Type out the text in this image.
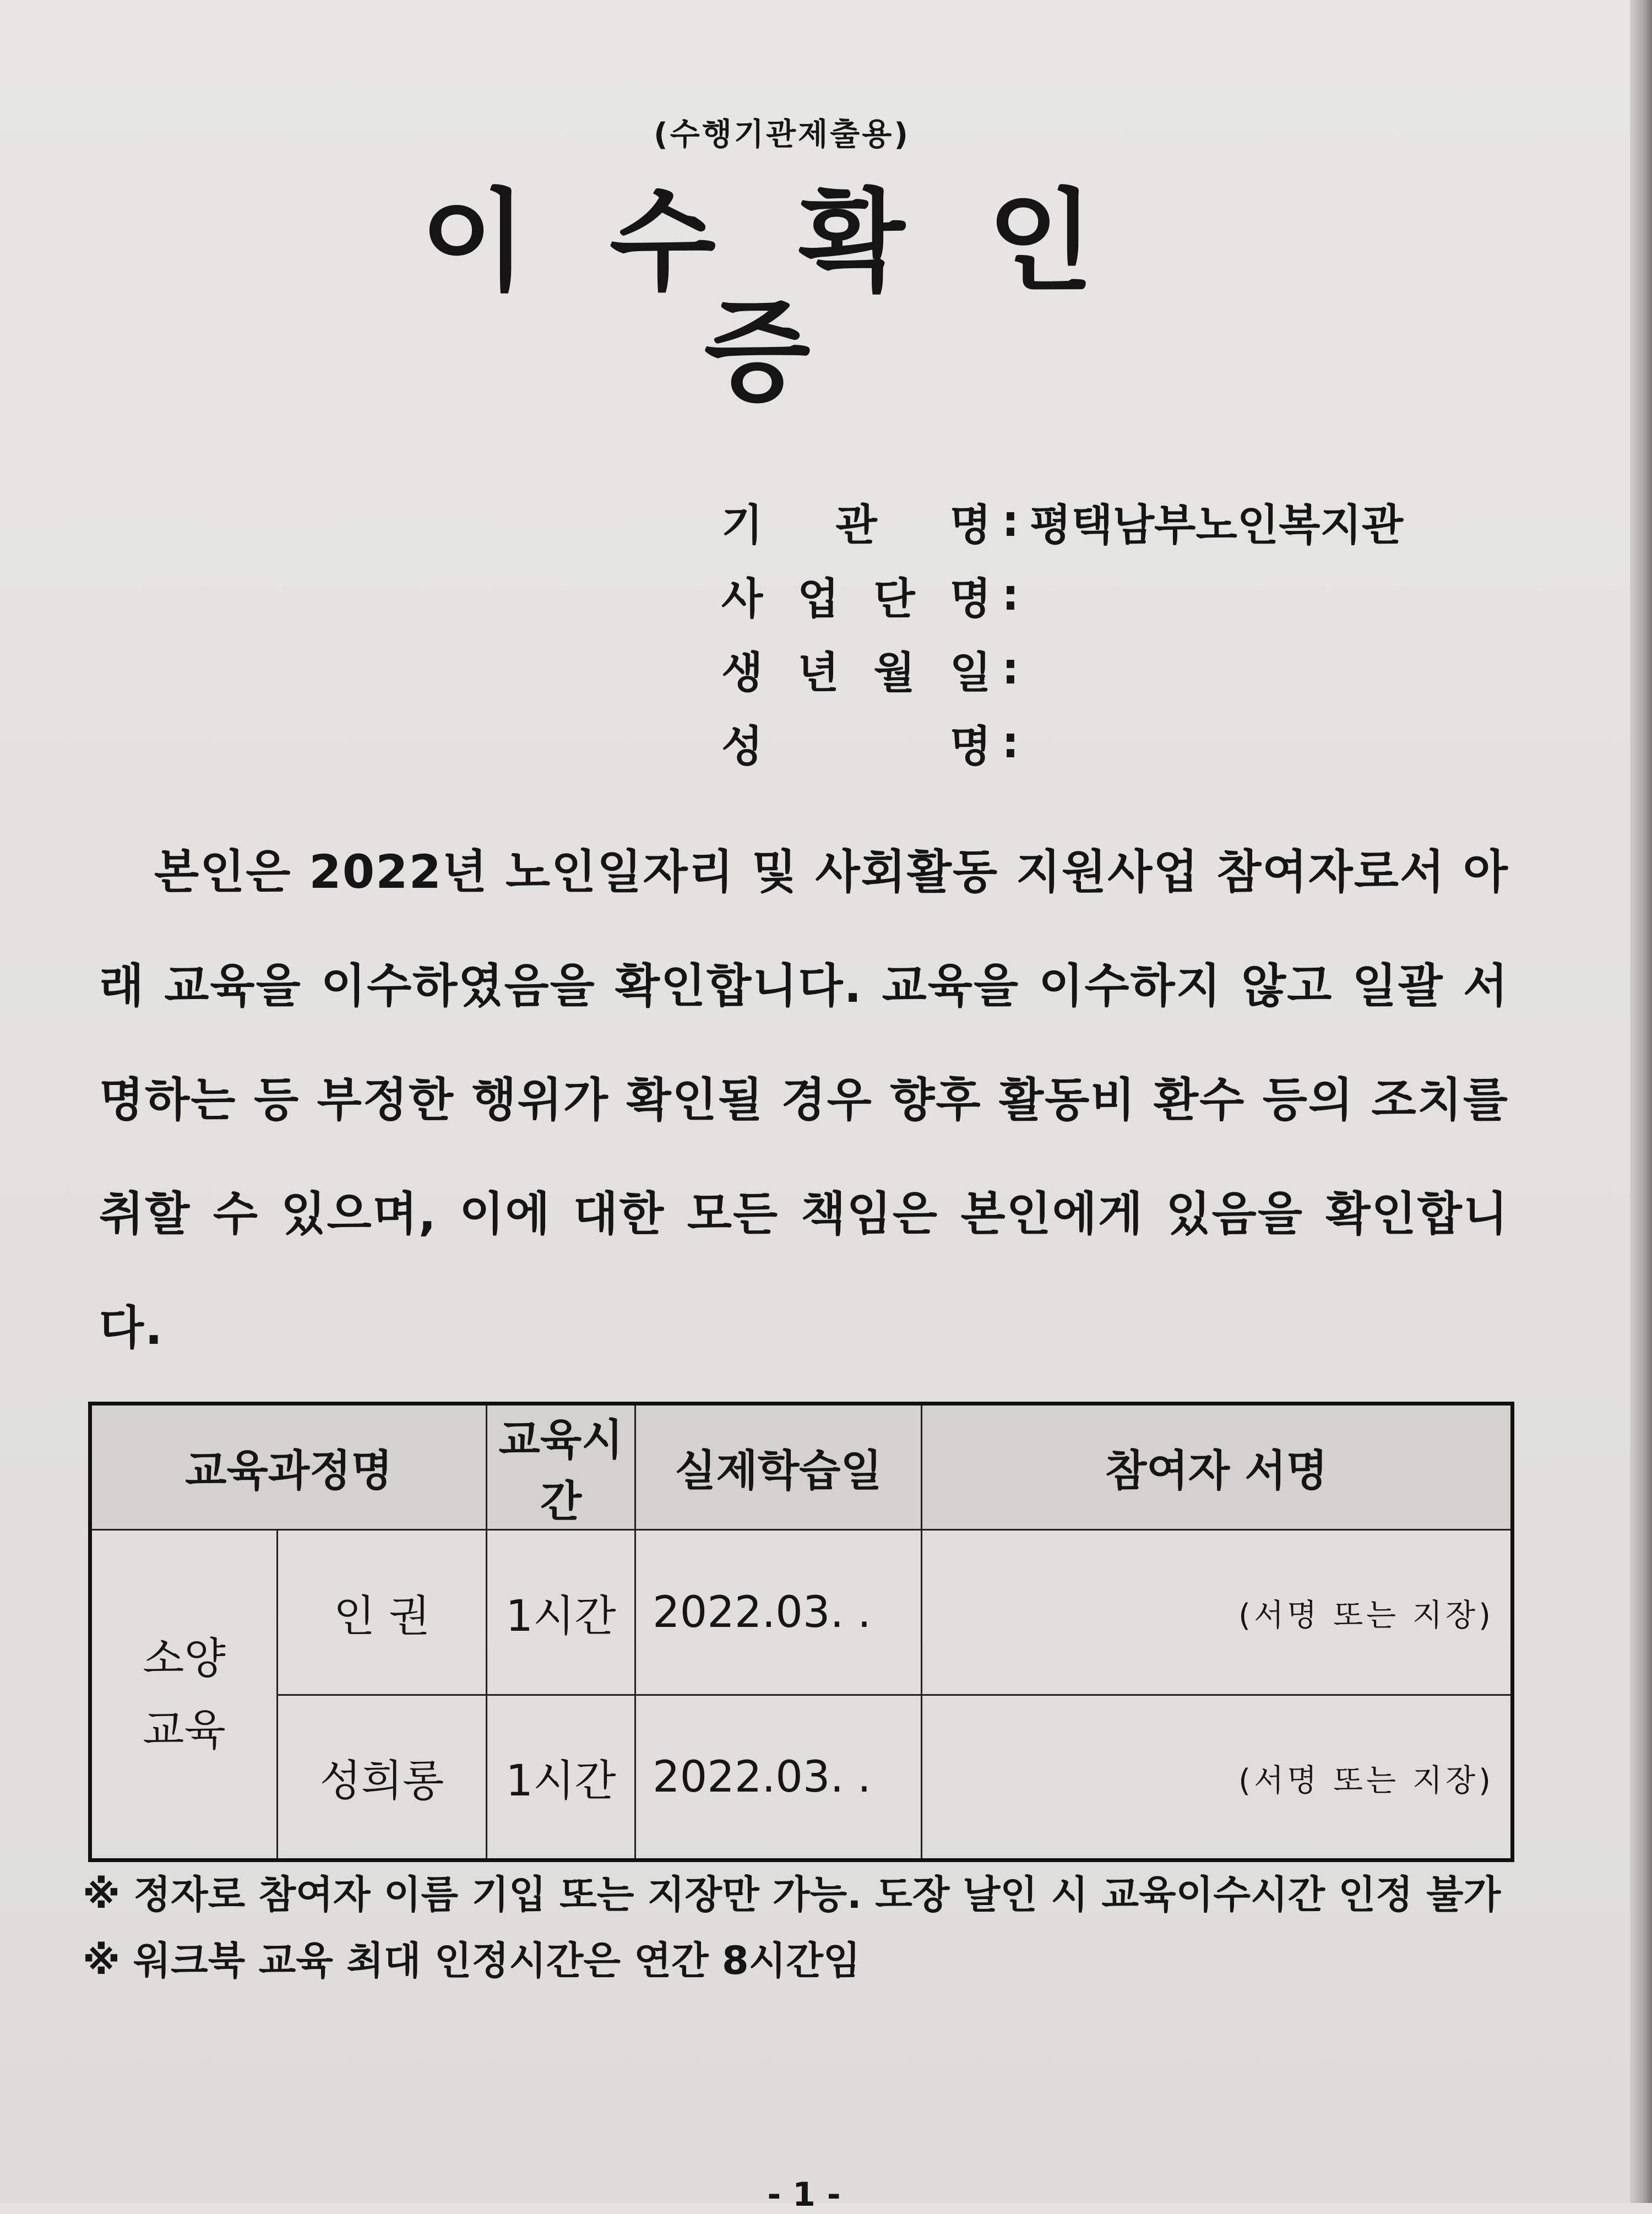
(수행기관제출용)
이수확인증
기 관 명 : 평택남부노인복지관
사 업 단 명 :
생 년 월 일 :
성	명 :
본인은 2022년 노인일자리 및 사회활동 지원사업 참여자로서 아래 교육을 이수하였음을 확인합니다. 교육을 이수하지 않고 일괄 서명하는 등 부정한 행위가 확인될 경우 향후 활동비 환수 등의 조치를 취할 수 있으며, 이에 대한 모든 책임은 본인에게 있음을 확인합니다.
교육과정명		교육시간	실제학습일	참여자 서명
소양교육	인 권	1시간	2022.03. .	(서명 또는 지장)

	성희롱	1시간	2022.03. .	(서명 또는 지장)
※ 정자로 참여자 이름 기입 또는 지장만 가능. 도장 날인 시 교육이수시간 인정 불가
※ 워크북 교육 최대 인정시간은 연간 8시간임
- 1 -
